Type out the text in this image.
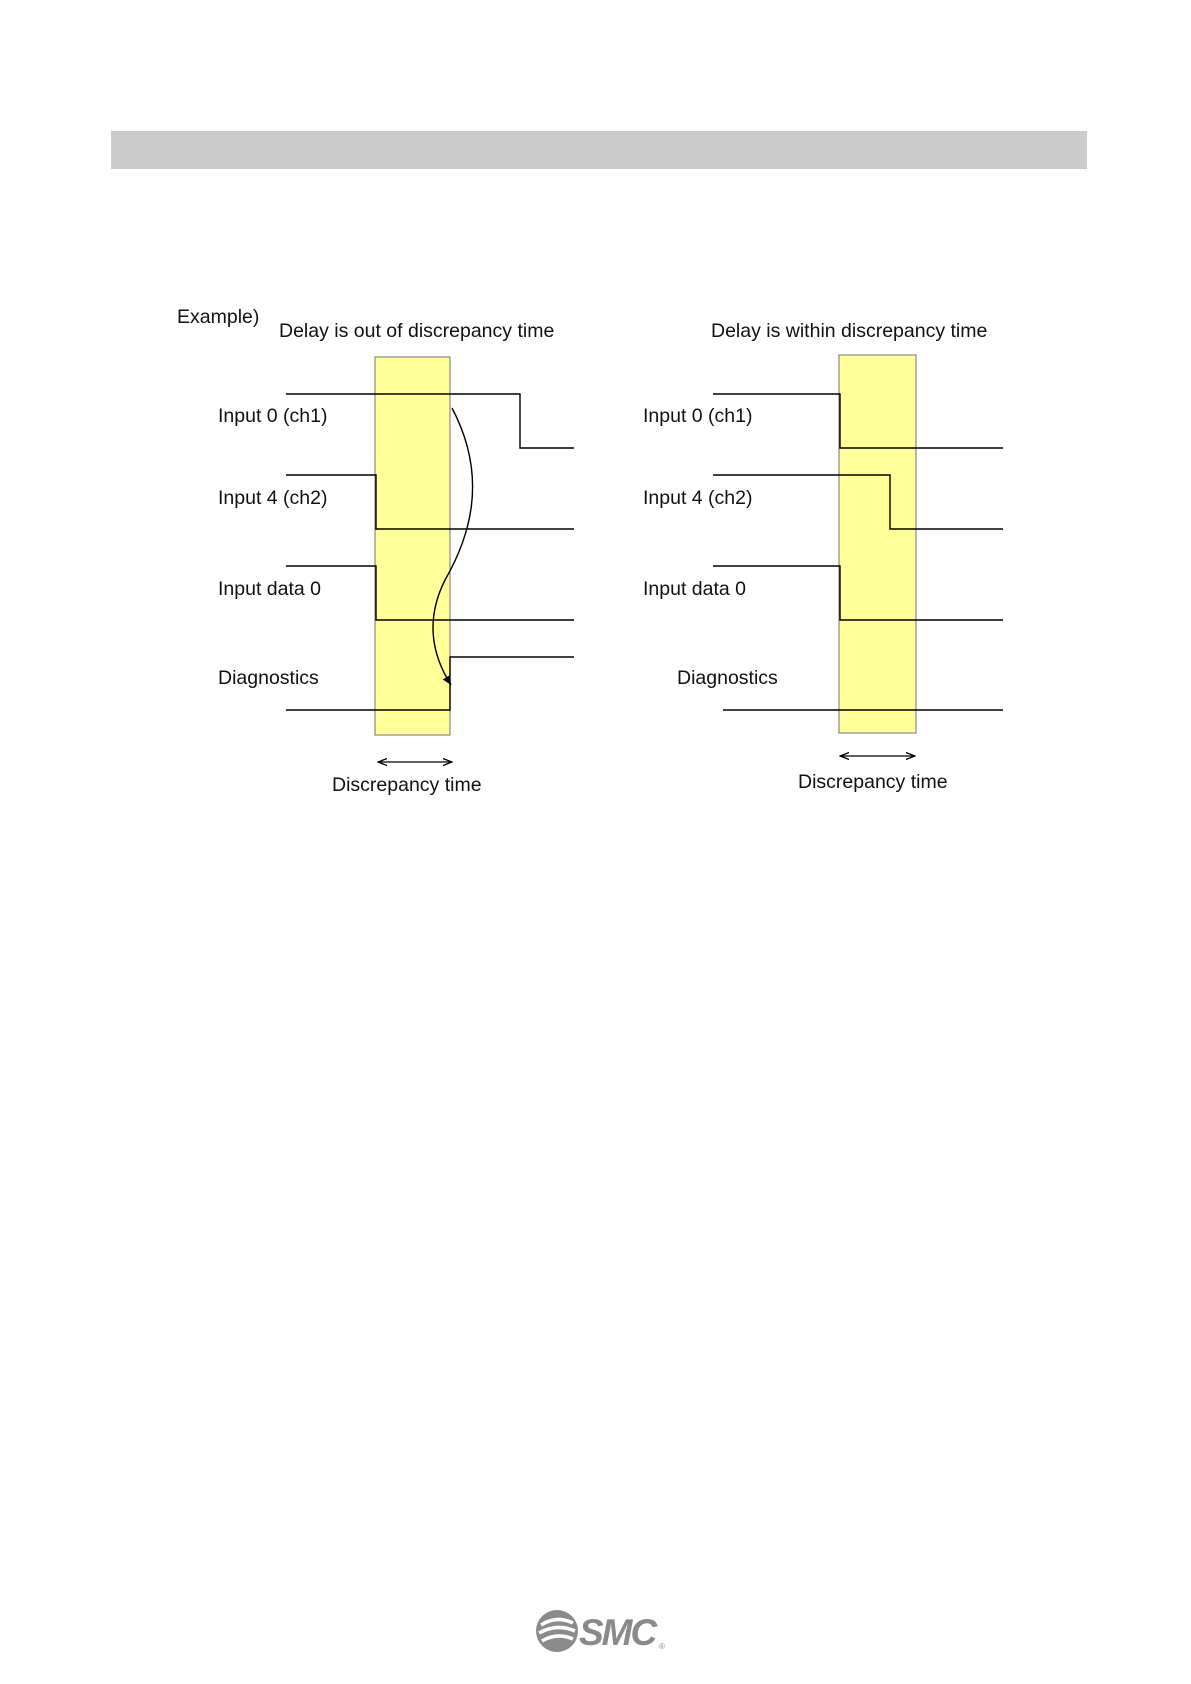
Example)
Delay is out of discrepancy time
Input 0 (ch1)
Input 4 (ch2)
Input data 0
Diagnostics
Discrepancy time
Delay is within discrepancy time
Input 0 (ch1)
Input 4 (ch2)
Input data 0
Diagnostics
Discrepancy time
SMC ®
